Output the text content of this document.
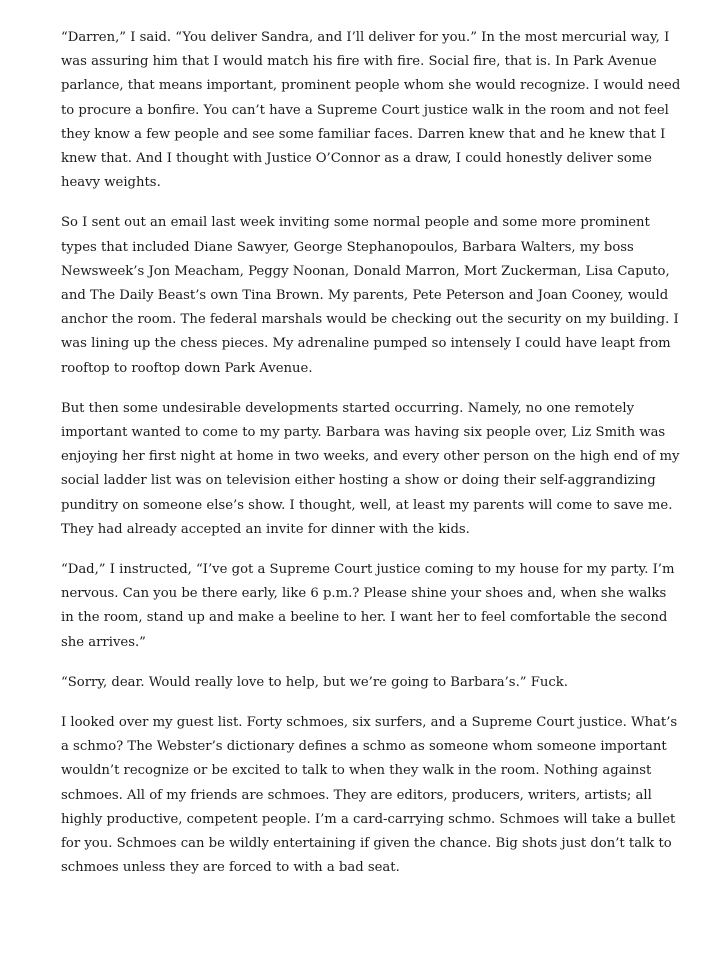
“Darren,” I said. “You deliver Sandra, and I’ll deliver for you.” In the most mercurial way, I was assuring him that I would match his fire with fire. Social fire, that is. In Park Avenue parlance, that means important, prominent people whom she would recognize. I would need to procure a bonfire. You can’t have a Supreme Court justice walk in the room and not feel they know a few people and see some familiar faces. Darren knew that and he knew that I knew that. And I thought with Justice O’Connor as a draw, I could honestly deliver some heavy weights.

So I sent out an email last week inviting some normal people and some more prominent types that included Diane Sawyer, George Stephanopoulos, Barbara Walters, my boss Newsweek’s Jon Meacham, Peggy Noonan, Donald Marron, Mort Zuckerman, Lisa Caputo, and The Daily Beast’s own Tina Brown. My parents, Pete Peterson and Joan Cooney, would anchor the room. The federal marshals would be checking out the security on my building. I was lining up the chess pieces. My adrenaline pumped so intensely I could have leapt from rooftop to rooftop down Park Avenue.

But then some undesirable developments started occurring. Namely, no one remotely important wanted to come to my party. Barbara was having six people over, Liz Smith was enjoying her first night at home in two weeks, and every other person on the high end of my social ladder list was on television either hosting a show or doing their self-aggrandizing punditry on someone else’s show. I thought, well, at least my parents will come to save me. They had already accepted an invite for dinner with the kids.

“Dad,” I instructed, “I’ve got a Supreme Court justice coming to my house for my party. I’m nervous. Can you be there early, like 6 p.m.? Please shine your shoes and, when she walks in the room, stand up and make a beeline to her. I want her to feel comfortable the second she arrives.”

“Sorry, dear. Would really love to help, but we’re going to Barbara’s.” Fuck.

I looked over my guest list. Forty schmoes, six surfers, and a Supreme Court justice. What’s a schmo? The Webster’s dictionary defines a schmo as someone whom someone important wouldn’t recognize or be excited to talk to when they walk in the room. Nothing against schmoes. All of my friends are schmoes. They are editors, producers, writers, artists; all highly productive, competent people. I’m a card-carrying schmo. Schmoes will take a bullet for you. Schmoes can be wildly entertaining if given the chance. Big shots just don’t talk to schmoes unless they are forced to with a bad seat.
